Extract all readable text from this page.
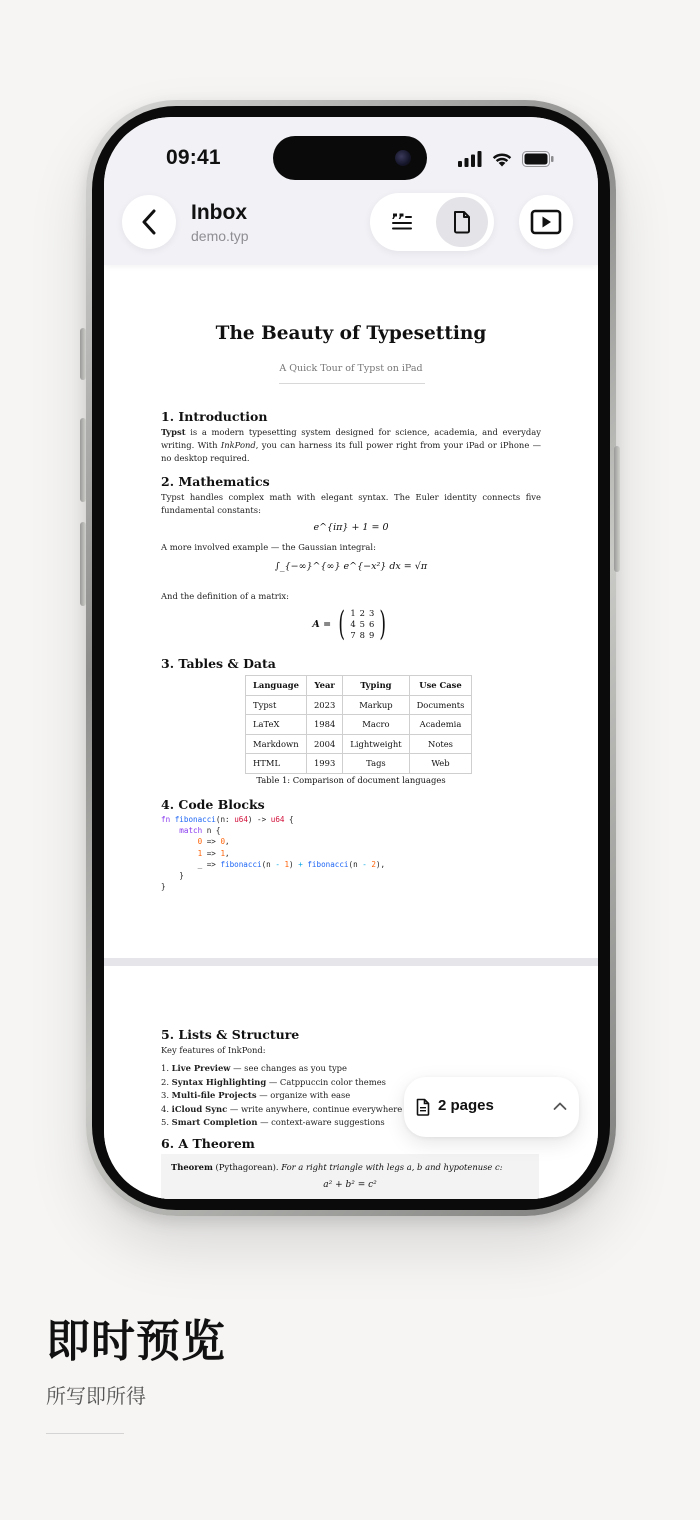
09:41
Inbox
demo.typ
The Beauty of Typesetting
A Quick Tour of Typst on iPad
1. Introduction
Typst is a modern typesetting system designed for science, academia, and everyday writing. With InkPond, you can harness its full power right from your iPad or iPhone — no desktop required.
2. Mathematics
Typst handles complex math with elegant syntax. The Euler identity connects five fundamental constants:
e^{iπ} + 1 = 0
A more involved example — the Gaussian integral:
∫_{−∞}^{∞} e^{−x²} dx = √π
And the definition of a matrix:
A =	(	1	2	3	)
		4	5	6	
		7	8	9	
3. Tables & Data
Language	Year	Typing	Use Case
Typst	2023	Markup	Documents
LaTeX	1984	Macro	Academia
Markdown	2004	Lightweight	Notes
HTML	1993	Tags	Web
Table 1: Comparison of document languages
4. Code Blocks
fn fibonacci(n: u64) -> u64 {
match n {
0 => 0,
1 => 1,
_ => fibonacci(n - 1) + fibonacci(n - 2),
}
}
5. Lists & Structure
Key features of InkPond:
1. Live Preview — see changes as you type
2. Syntax Highlighting — Catppuccin color themes
3. Multi-file Projects — organize with ease
4. iCloud Sync — write anywhere, continue everywhere
5. Smart Completion — context-aware suggestions
6. A Theorem
Theorem (Pythagorean). For a right triangle with legs a, b and hypotenuse c:
a² + b² = c²
2 pages
即时预览
所写即所得
